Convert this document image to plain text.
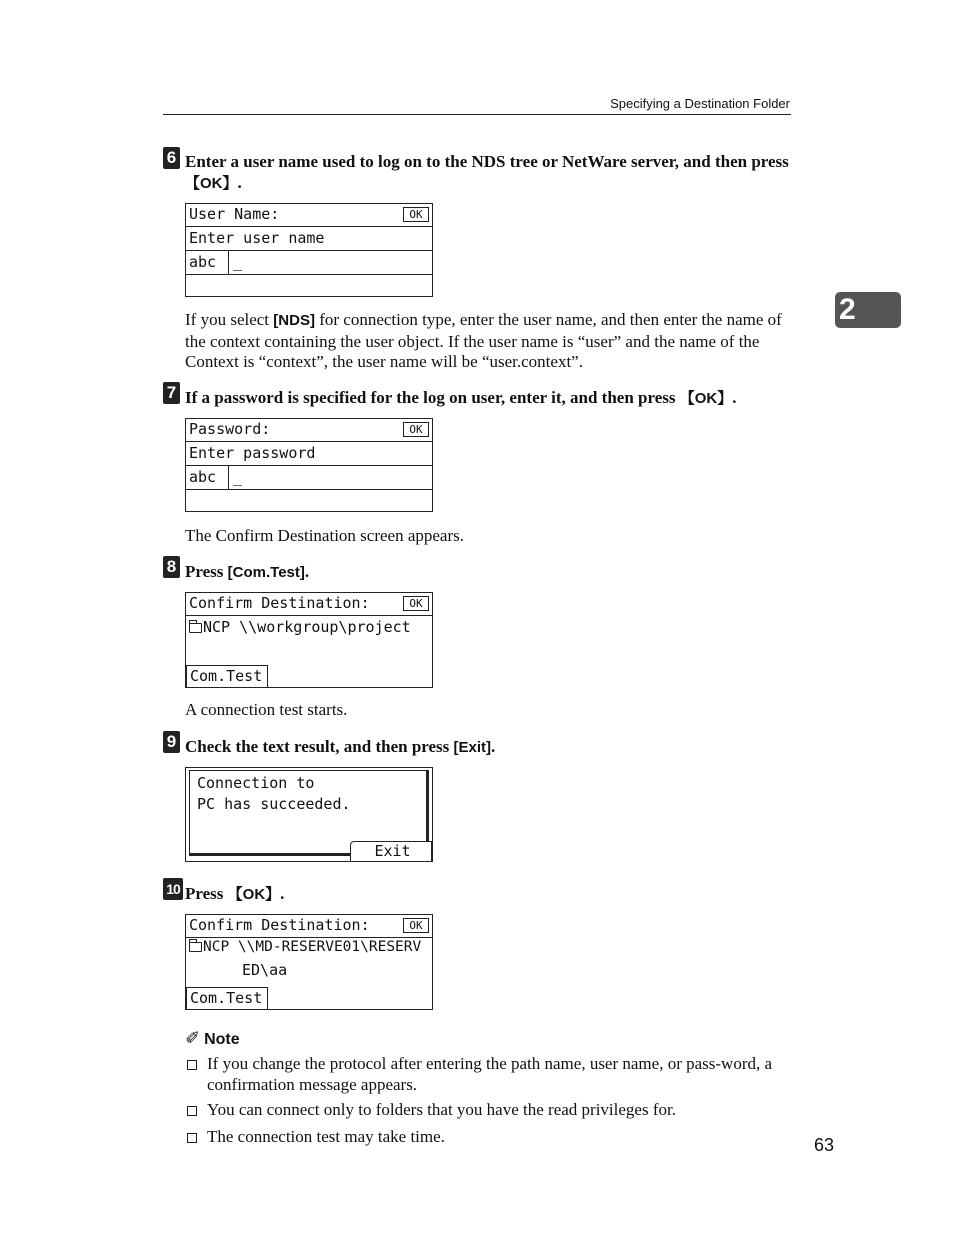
Specifying a Destination Folder
2
6 Enter a user name used to log on to the NDS tree or NetWare server, and then press 【OK】.
User Name:	OK
Enter user name
abc _
If you select [NDS] for connection type, enter the user name, and then enter the name of the context containing the user object. If the user name is “user” and the name of the Context is “context”, the user name will be “user.context”.
7 If a password is specified for the log on user, enter it, and then press 【OK】.
Password:	OK
Enter password
abc _
The Confirm Destination screen appears.
8 Press [Com.Test].
Confirm Destination:	OK
NCP \\workgroup\project
Com.Test
A connection test starts.
9 Check the text result, and then press [Exit].
Connection to
PC has succeeded.
Exit
10 Press 【OK】.
Confirm Destination:	OK
NCP \\MD-RESERVE01\RESERV
ED\aa
Com.Test
✐ Note
If you change the protocol after entering the path name, user name, or pass-word, a confirmation message appears.
You can connect only to folders that you have the read privileges for.
The connection test may take time.	63
